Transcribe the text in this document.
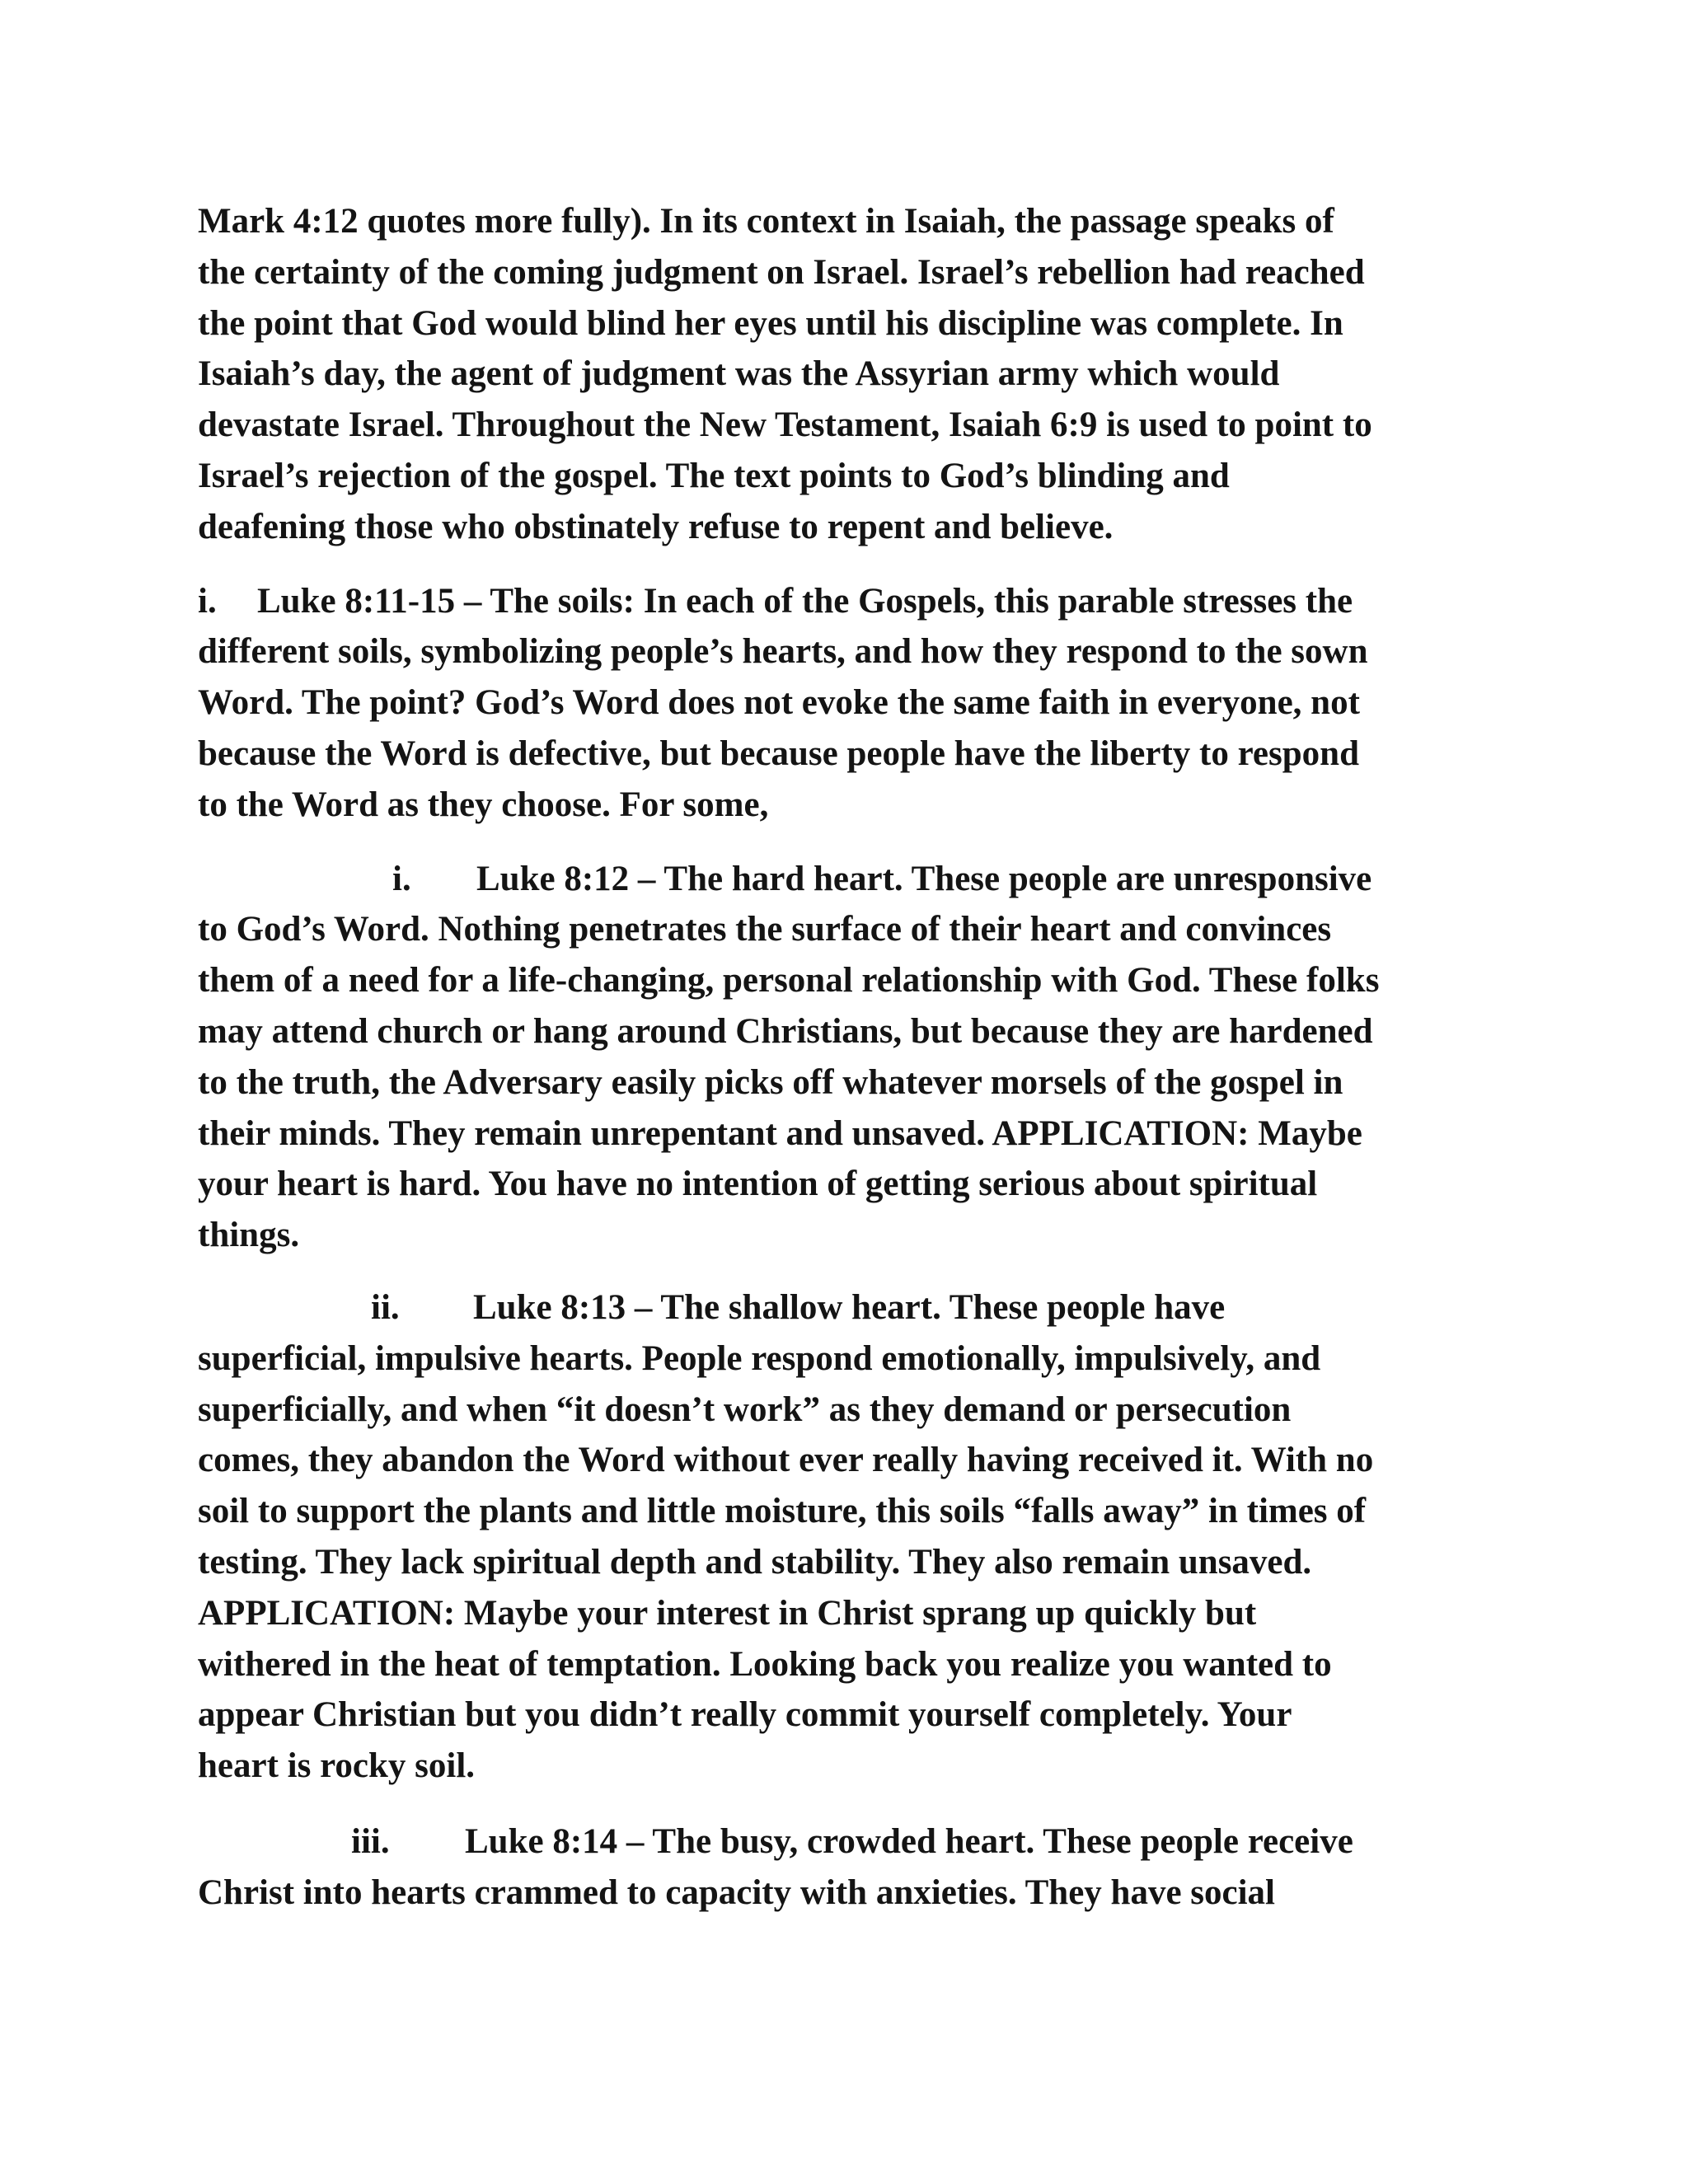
Mark 4:12 quotes more fully). In its context in Isaiah, the passage speaks of
the certainty of the coming judgment on Israel. Israel’s rebellion had reached
the point that God would blind her eyes until his discipline was complete. In
Isaiah’s day, the agent of judgment was the Assyrian army which would
devastate Israel. Throughout the New Testament, Isaiah 6:9 is used to point to
Israel’s rejection of the gospel. The text points to God’s blinding and
deafening those who obstinately refuse to repent and believe.

i. Luke 8:11-15 – The soils: In each of the Gospels, this parable stresses the
different soils, symbolizing people’s hearts, and how they respond to the sown
Word. The point? God’s Word does not evoke the same faith in everyone, not
because the Word is defective, but because people have the liberty to respond
to the Word as they choose. For some,

i. Luke 8:12 – The hard heart. These people are unresponsive
to God’s Word. Nothing penetrates the surface of their heart and convinces
them of a need for a life-changing, personal relationship with God. These folks
may attend church or hang around Christians, but because they are hardened
to the truth, the Adversary easily picks off whatever morsels of the gospel in
their minds. They remain unrepentant and unsaved. APPLICATION: Maybe
your heart is hard. You have no intention of getting serious about spiritual
things.

ii. Luke 8:13 – The shallow heart. These people have
superficial, impulsive hearts. People respond emotionally, impulsively, and
superficially, and when “it doesn’t work” as they demand or persecution
comes, they abandon the Word without ever really having received it. With no
soil to support the plants and little moisture, this soils “falls away” in times of
testing. They lack spiritual depth and stability. They also remain unsaved.
APPLICATION: Maybe your interest in Christ sprang up quickly but
withered in the heat of temptation. Looking back you realize you wanted to
appear Christian but you didn’t really commit yourself completely. Your
heart is rocky soil.

iii. Luke 8:14 – The busy, crowded heart. These people receive
Christ into hearts crammed to capacity with anxieties. They have social
